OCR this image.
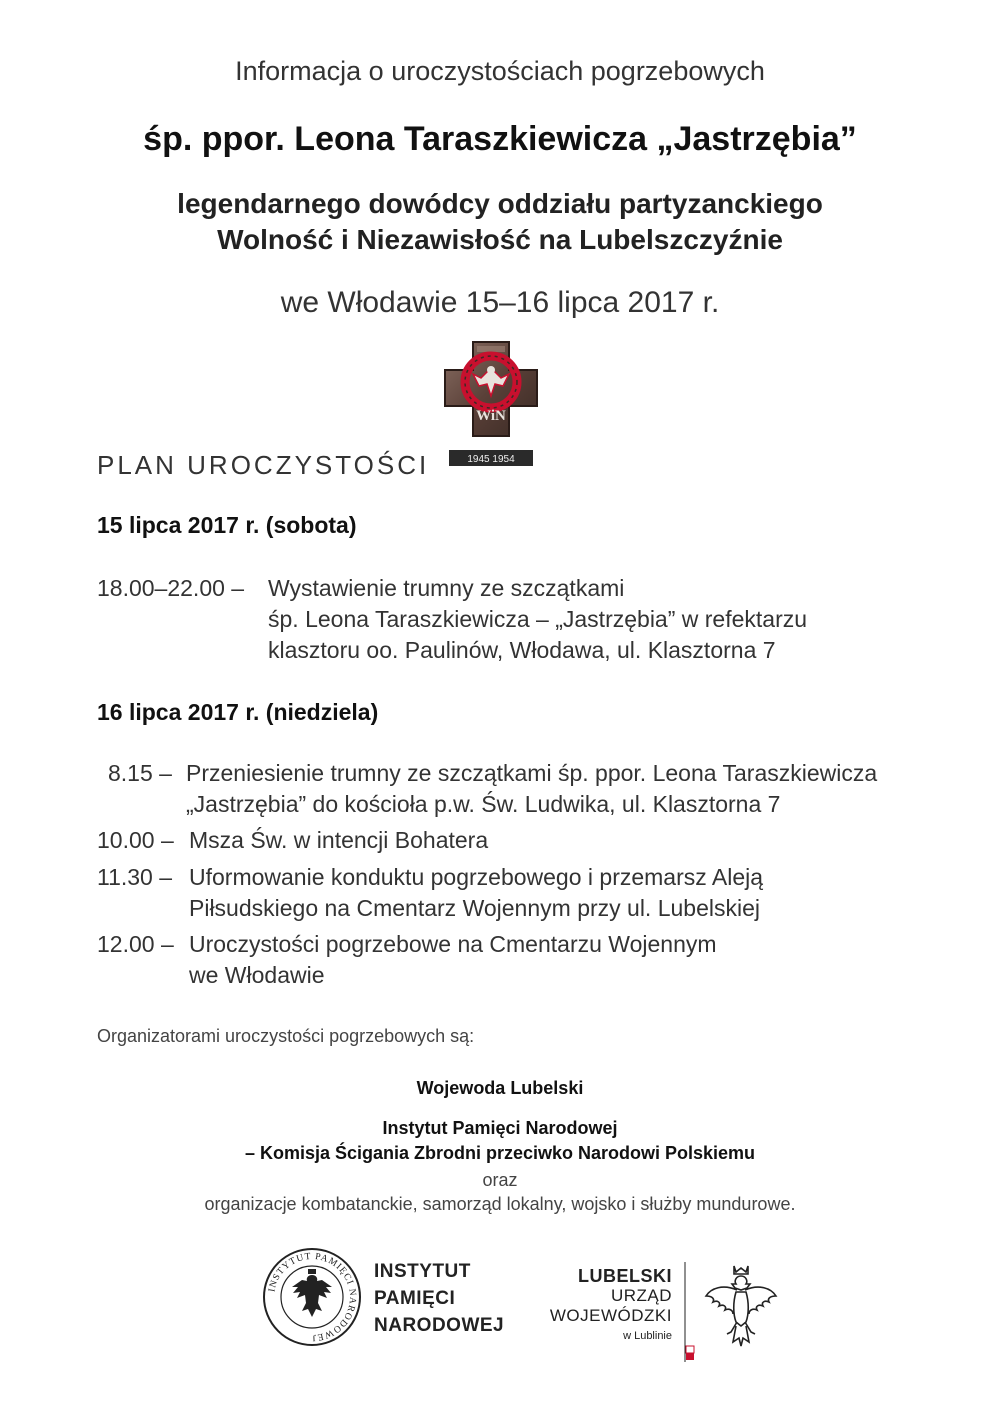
Informacja o uroczystościach pogrzebowych
śp. ppor. Leona Taraszkiewicza „Jastrzębia”
legendarnego dowódcy oddziału partyzanckiego
Wolność i Niezawisłość na Lubelszczyźnie
we Włodawie 15–16 lipca 2017 r.
WiN
1945 1954
PLAN UROCZYSTOŚCI
15 lipca 2017 r. (sobota)
18.00–22.00 – Wystawienie trumny ze szczątkami
śp. Leona Taraszkiewicza – „Jastrzębia” w refektarzu
klasztoru oo. Paulinów, Włodawa, ul. Klasztorna 7
16 lipca 2017 r. (niedziela)
8.15 – Przeniesienie trumny ze szczątkami śp. ppor. Leona Taraszkiewicza
„Jastrzębia” do kościoła p.w. Św. Ludwika, ul. Klasztorna 7
10.00 – Msza Św. w intencji Bohatera
11.30 – Uformowanie konduktu pogrzebowego i przemarsz Aleją
Piłsudskiego na Cmentarz Wojennym przy ul. Lubelskiej
12.00 – Uroczystości pogrzebowe na Cmentarzu Wojennym
we Włodawie
Organizatorami uroczystości pogrzebowych są:
Wojewoda Lubelski
Instytut Pamięci Narodowej
– Komisja Ścigania Zbrodni przeciwko Narodowi Polskiemu
oraz
organizacje kombatanckie, samorząd lokalny, wojsko i służby mundurowe.
INSTYTUT PAMIĘCI NARODOWEJ
INSTYTUT
PAMIĘCI
NARODOWEJ
LUBELSKI
URZĄD
WOJEWÓDZKI
w Lublinie
